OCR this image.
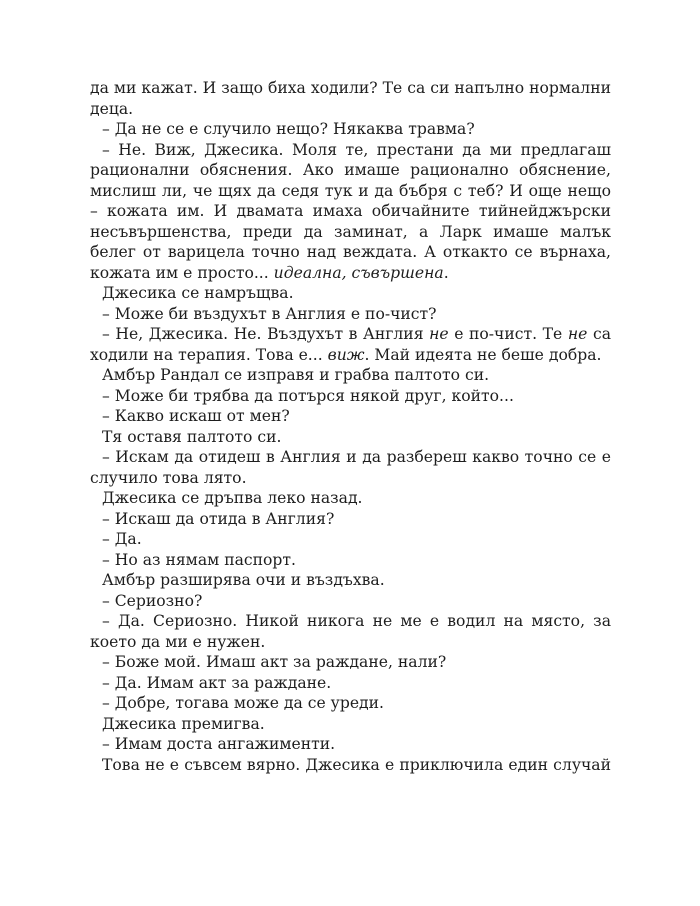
да ми кажат. И защо биха ходили? Те са си напълно нормални деца.

– Да не се е случило нещо? Някаква травма?

– Не. Виж, Джесика. Моля те, престани да ми предлагаш рационални обяснения. Ако имаше рационално обяснение, мислиш ли, че щях да седя тук и да бъбря с теб? И още нещо – кожата им. И двамата имаха обичайните тийнейджърски несъвършенства, преди да заминат, а Ларк имаше малък белег от варицела точно над веждата. А откакто се върнаха, кожата им е просто... идеална, съвършена.

Джесика се намръщва.

– Може би въздухът в Англия е по-чист?

– Не, Джесика. Не. Въздухът в Англия не е по-чист. Те не са ходили на терапия. Това е... виж. Май идеята не беше добра.

Амбър Рандал се изправя и грабва палтото си.

– Може би трябва да потърся някой друг, който...

– Какво искаш от мен?

Тя оставя палтото си.

– Искам да отидеш в Англия и да разбереш какво точно се е случило това лято.

Джесика се дръпва леко назад.

– Искаш да отида в Англия?

– Да.

– Но аз нямам паспорт.

Амбър разширява очи и въздъхва.

– Сериозно?

– Да. Сериозно. Никой никога не ме е водил на място, за което да ми е нужен.

– Боже мой. Имаш акт за раждане, нали?

– Да. Имам акт за раждане.

– Добре, тогава може да се уреди.

Джесика премигва.

– Имам доста ангажименти.

Това не е съвсем вярно. Джесика е приключила един случай
